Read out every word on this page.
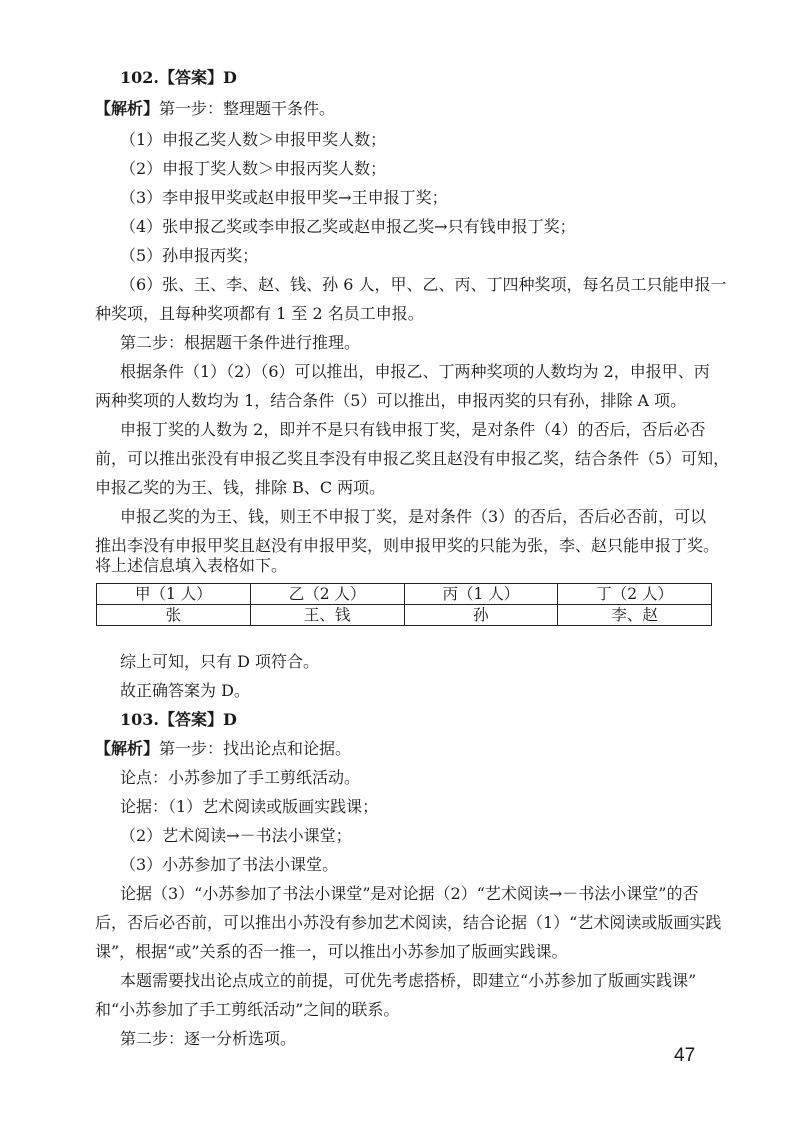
102.【答案】D
【解析】第一步：整理题干条件。
（1）申报乙奖人数＞申报甲奖人数；
（2）申报丁奖人数＞申报丙奖人数；
（3）李申报甲奖或赵申报甲奖→王申报丁奖；
（4）张申报乙奖或李申报乙奖或赵申报乙奖→只有钱申报丁奖；
（5）孙申报丙奖；
（6）张、王、李、赵、钱、孙 6 人，甲、乙、丙、丁四种奖项，每名员工只能申报一
种奖项，且每种奖项都有 1 至 2 名员工申报。
第二步：根据题干条件进行推理。
根据条件（1）（2）（6）可以推出，申报乙、丁两种奖项的人数均为 2，申报甲、丙
两种奖项的人数均为 1，结合条件（5）可以推出，申报丙奖的只有孙，排除 A 项。
申报丁奖的人数为 2，即并不是只有钱申报丁奖，是对条件（4）的否后，否后必否
前，可以推出张没有申报乙奖且李没有申报乙奖且赵没有申报乙奖，结合条件（5）可知，
申报乙奖的为王、钱，排除 B、C 两项。
申报乙奖的为王、钱，则王不申报丁奖，是对条件（3）的否后，否后必否前，可以
推出李没有申报甲奖且赵没有申报甲奖，则申报甲奖的只能为张，李、赵只能申报丁奖。
将上述信息填入表格如下。
甲（1 人）	乙（2 人）	丙（1 人）	丁（2 人）
张	王、钱	孙	李、赵
综上可知，只有 D 项符合。
故正确答案为 D。
103.【答案】D
【解析】第一步：找出论点和论据。
论点：小苏参加了手工剪纸活动。
论据：（1）艺术阅读或版画实践课；
（2）艺术阅读→－书法小课堂；
（3）小苏参加了书法小课堂。
论据（3）“小苏参加了书法小课堂”是对论据（2）“艺术阅读→－书法小课堂”的否
后，否后必否前，可以推出小苏没有参加艺术阅读，结合论据（1）“艺术阅读或版画实践
课”，根据“或”关系的否一推一，可以推出小苏参加了版画实践课。
本题需要找出论点成立的前提，可优先考虑搭桥，即建立“小苏参加了版画实践课”
和“小苏参加了手工剪纸活动”之间的联系。
第二步：逐一分析选项。
47
